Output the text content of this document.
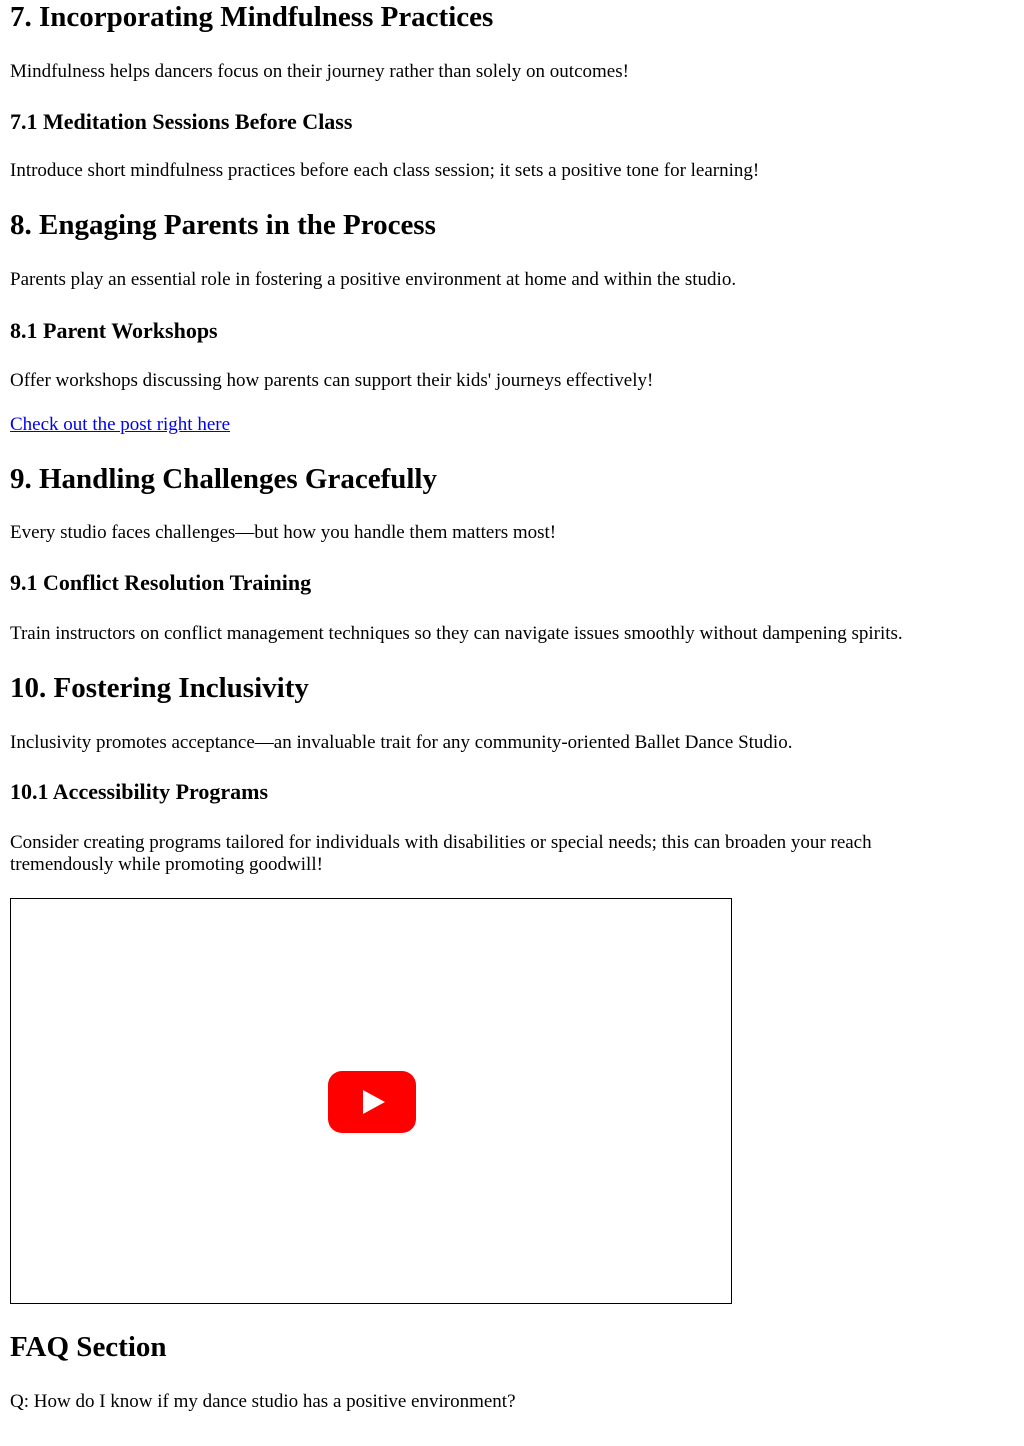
7. Incorporating Mindfulness Practices

Mindfulness helps dancers focus on their journey rather than solely on outcomes!

7.1 Meditation Sessions Before Class

Introduce short mindfulness practices before each class session; it sets a positive tone for learning!

8. Engaging Parents in the Process

Parents play an essential role in fostering a positive environment at home and within the studio.

8.1 Parent Workshops

Offer workshops discussing how parents can support their kids' journeys effectively!

Check out the post right here
9. Handling Challenges Gracefully

Every studio faces challenges—but how you handle them matters most!

9.1 Conflict Resolution Training

Train instructors on conflict management techniques so they can navigate issues smoothly without dampening spirits.

10. Fostering Inclusivity

Inclusivity promotes acceptance—an invaluable trait for any community-oriented Ballet Dance Studio.

10.1 Accessibility Programs

Consider creating programs tailored for individuals with disabilities or special needs; this can broaden your reach tremendously while promoting goodwill!

FAQ Section

Q: How do I know if my dance studio has a positive environment?
